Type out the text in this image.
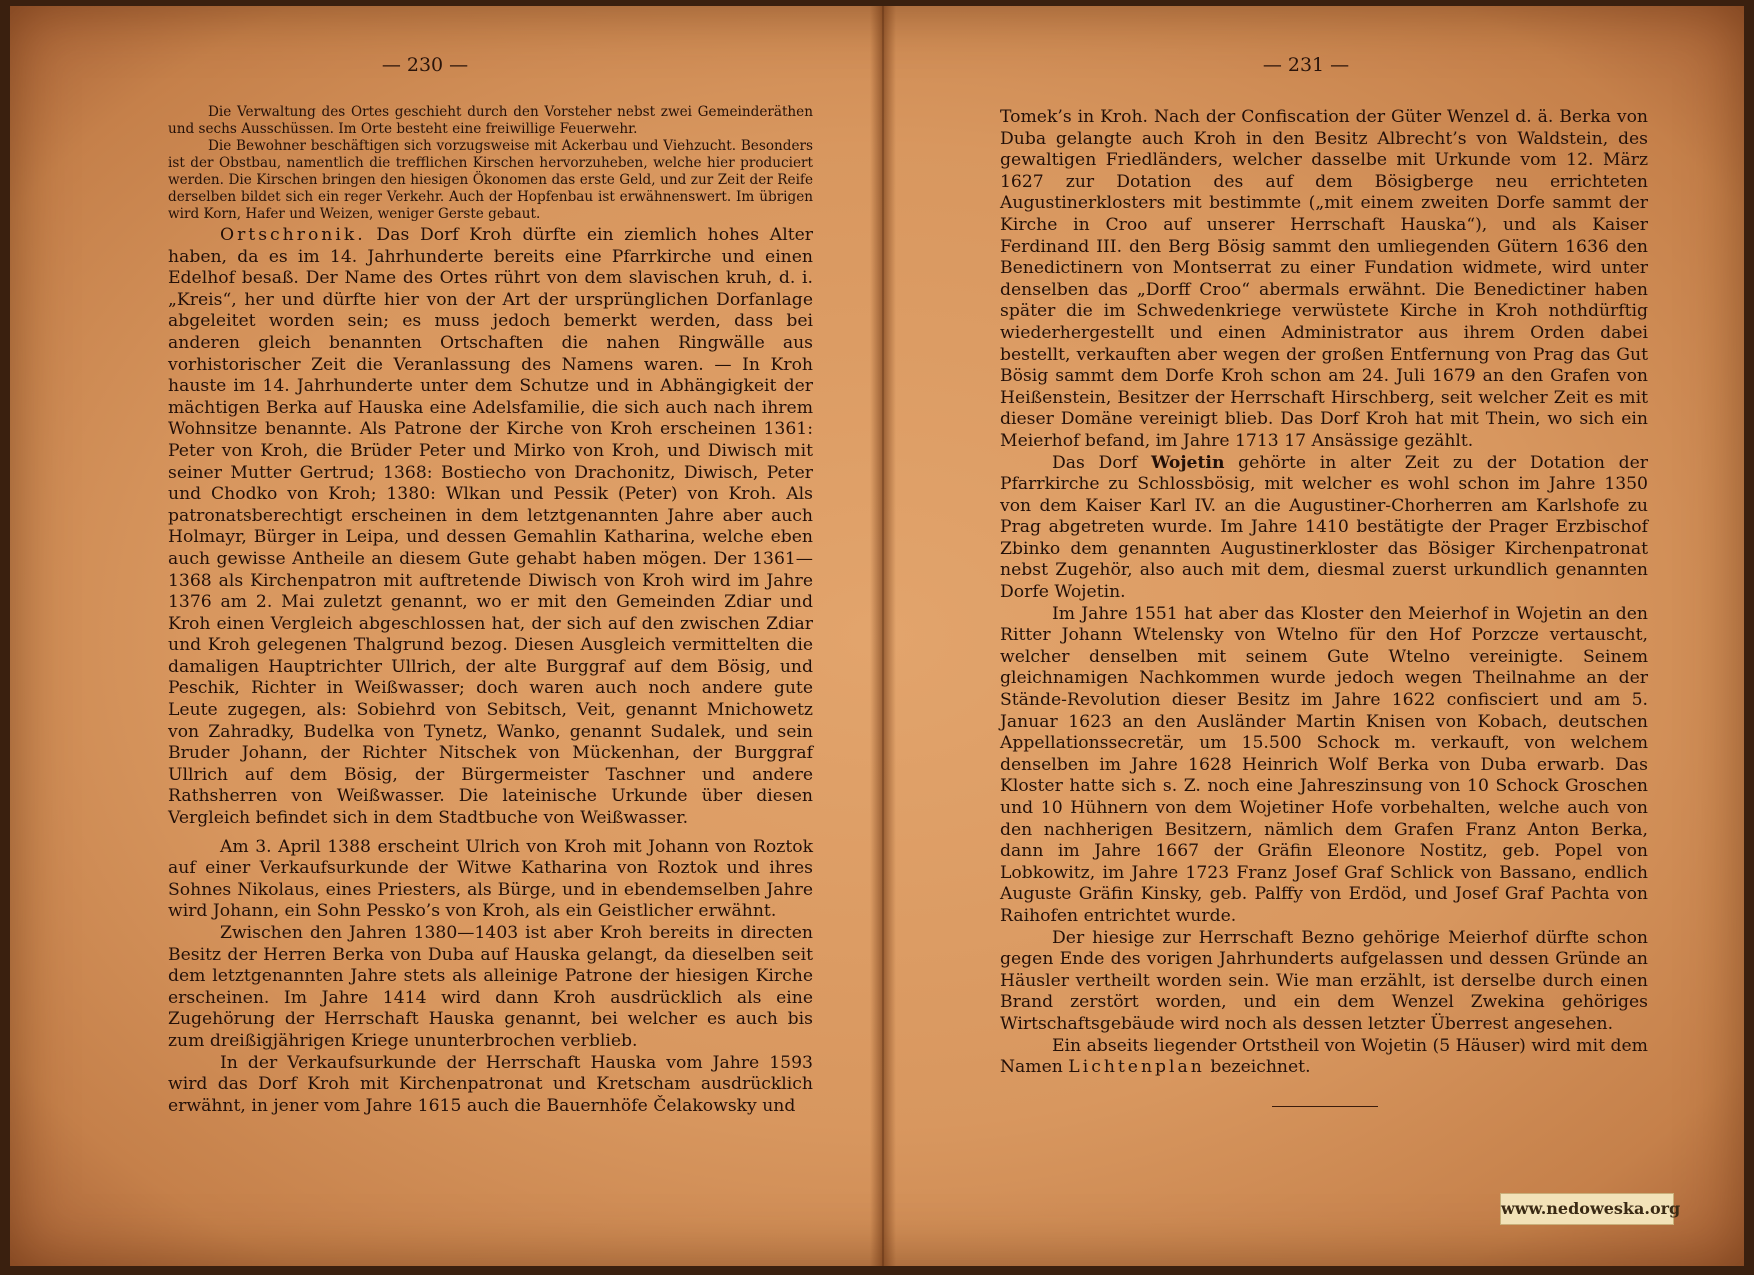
— 230 —

Die Verwaltung des Ortes geschieht durch den Vorsteher nebst zwei Gemeinderäthen und sechs Ausschüssen. Im Orte besteht eine freiwillige Feuerwehr.

Die Bewohner beschäftigen sich vorzugsweise mit Ackerbau und Viehzucht. Besonders ist der Obstbau, namentlich die trefflichen Kirschen hervorzuheben, welche hier produciert werden. Die Kirschen bringen den hiesigen Ökonomen das erste Geld, und zur Zeit der Reife derselben bildet sich ein reger Verkehr. Auch der Hopfenbau ist erwähnenswert. Im übrigen wird Korn, Hafer und Weizen, weniger Gerste gebaut.

Ortschronik. Das Dorf Kroh dürfte ein ziemlich hohes Alter haben, da es im 14. Jahrhunderte bereits eine Pfarrkirche und einen Edelhof besaß. Der Name des Ortes rührt von dem slavischen kruh, d. i. „Kreis“, her und dürfte hier von der Art der ursprünglichen Dorfanlage abgeleitet worden sein; es muss jedoch bemerkt werden, dass bei anderen gleich benannten Ortschaften die nahen Ringwälle aus vorhistorischer Zeit die Veranlassung des Namens waren. — In Kroh hauste im 14. Jahrhunderte unter dem Schutze und in Abhängigkeit der mächtigen Berka auf Hauska eine Adelsfamilie, die sich auch nach ihrem Wohnsitze benannte. Als Patrone der Kirche von Kroh erscheinen 1361: Peter von Kroh, die Brüder Peter und Mirko von Kroh, und Diwisch mit seiner Mutter Gertrud; 1368: Bostiecho von Drachonitz, Diwisch, Peter und Chodko von Kroh; 1380: Wlkan und Pessik (Peter) von Kroh. Als patronatsberechtigt erscheinen in dem letztgenannten Jahre aber auch Holmayr, Bürger in Leipa, und dessen Gemahlin Katharina, welche eben auch gewisse Antheile an diesem Gute gehabt haben mögen. Der 1361—1368 als Kirchenpatron mit auftretende Diwisch von Kroh wird im Jahre 1376 am 2. Mai zuletzt genannt, wo er mit den Gemeinden Zdiar und Kroh einen Vergleich abgeschlossen hat, der sich auf den zwischen Zdiar und Kroh gelegenen Thalgrund bezog. Diesen Ausgleich vermittelten die damaligen Hauptrichter Ullrich, der alte Burggraf auf dem Bösig, und Peschik, Richter in Weißwasser; doch waren auch noch andere gute Leute zugegen, als: Sobiehrd von Sebitsch, Veit, genannt Mnichowetz von Zahradky, Budelka von Tynetz, Wanko, genannt Sudalek, und sein Bruder Johann, der Richter Nitschek von Mückenhan, der Burggraf Ullrich auf dem Bösig, der Bürgermeister Taschner und andere Rathsherren von Weißwasser. Die lateinische Urkunde über diesen Vergleich befindet sich in dem Stadtbuche von Weißwasser.

Am 3. April 1388 erscheint Ulrich von Kroh mit Johann von Roztok auf einer Verkaufsurkunde der Witwe Katharina von Roztok und ihres Sohnes Nikolaus, eines Priesters, als Bürge, und in ebendemselben Jahre wird Johann, ein Sohn Pessko’s von Kroh, als ein Geistlicher erwähnt.

Zwischen den Jahren 1380—1403 ist aber Kroh bereits in directen Besitz der Herren Berka von Duba auf Hauska gelangt, da dieselben seit dem letztgenannten Jahre stets als alleinige Patrone der hiesigen Kirche erscheinen. Im Jahre 1414 wird dann Kroh ausdrücklich als eine Zugehörung der Herrschaft Hauska genannt, bei welcher es auch bis zum dreißigjährigen Kriege ununterbrochen verblieb.

In der Verkaufsurkunde der Herrschaft Hauska vom Jahre 1593 wird das Dorf Kroh mit Kirchenpatronat und Kretscham ausdrücklich erwähnt, in jener vom Jahre 1615 auch die Bauernhöfe Čelakowsky und

— 231 —

Tomek’s in Kroh. Nach der Confiscation der Güter Wenzel d. ä. Berka von Duba gelangte auch Kroh in den Besitz Albrecht’s von Waldstein, des gewaltigen Friedländers, welcher dasselbe mit Urkunde vom 12. März 1627 zur Dotation des auf dem Bösigberge neu errichteten Augustinerklosters mit bestimmte („mit einem zweiten Dorfe sammt der Kirche in Croo auf unserer Herrschaft Hauska“), und als Kaiser Ferdinand III. den Berg Bösig sammt den umliegenden Gütern 1636 den Benedictinern von Montserrat zu einer Fundation widmete, wird unter denselben das „Dorff Croo“ abermals erwähnt. Die Benedictiner haben später die im Schwedenkriege verwüstete Kirche in Kroh nothdürftig wiederhergestellt und einen Administrator aus ihrem Orden dabei bestellt, verkauften aber wegen der großen Entfernung von Prag das Gut Bösig sammt dem Dorfe Kroh schon am 24. Juli 1679 an den Grafen von Heißenstein, Besitzer der Herrschaft Hirschberg, seit welcher Zeit es mit dieser Domäne vereinigt blieb. Das Dorf Kroh hat mit Thein, wo sich ein Meierhof befand, im Jahre 1713 17 Ansässige gezählt.

Das Dorf Wojetin gehörte in alter Zeit zu der Dotation der Pfarrkirche zu Schlossbösig, mit welcher es wohl schon im Jahre 1350 von dem Kaiser Karl IV. an die Augustiner-Chorherren am Karlshofe zu Prag abgetreten wurde. Im Jahre 1410 bestätigte der Prager Erzbischof Zbinko dem genannten Augustinerkloster das Bösiger Kirchenpatronat nebst Zugehör, also auch mit dem, diesmal zuerst urkundlich genannten Dorfe Wojetin.

Im Jahre 1551 hat aber das Kloster den Meierhof in Wojetin an den Ritter Johann Wtelensky von Wtelno für den Hof Porzcze vertauscht, welcher denselben mit seinem Gute Wtelno vereinigte. Seinem gleichnamigen Nachkommen wurde jedoch wegen Theilnahme an der Stände-Revolution dieser Besitz im Jahre 1622 confisciert und am 5. Januar 1623 an den Ausländer Martin Knisen von Kobach, deutschen Appellationssecretär, um 15.500 Schock m. verkauft, von welchem denselben im Jahre 1628 Heinrich Wolf Berka von Duba erwarb. Das Kloster hatte sich s. Z. noch eine Jahreszinsung von 10 Schock Groschen und 10 Hühnern von dem Wojetiner Hofe vorbehalten, welche auch von den nachherigen Besitzern, nämlich dem Grafen Franz Anton Berka, dann im Jahre 1667 der Gräfin Eleonore Nostitz, geb. Popel von Lobkowitz, im Jahre 1723 Franz Josef Graf Schlick von Bassano, endlich Auguste Gräfin Kinsky, geb. Palffy von Erdöd, und Josef Graf Pachta von Raihofen entrichtet wurde.

Der hiesige zur Herrschaft Bezno gehörige Meierhof dürfte schon gegen Ende des vorigen Jahrhunderts aufgelassen und dessen Gründe an Häusler vertheilt worden sein. Wie man erzählt, ist derselbe durch einen Brand zerstört worden, und ein dem Wenzel Zwekina gehöriges Wirtschaftsgebäude wird noch als dessen letzter Überrest angesehen.

Ein abseits liegender Ortstheil von Wojetin (5 Häuser) wird mit dem Namen Lichtenplan bezeichnet.

www.nedoweska.org
